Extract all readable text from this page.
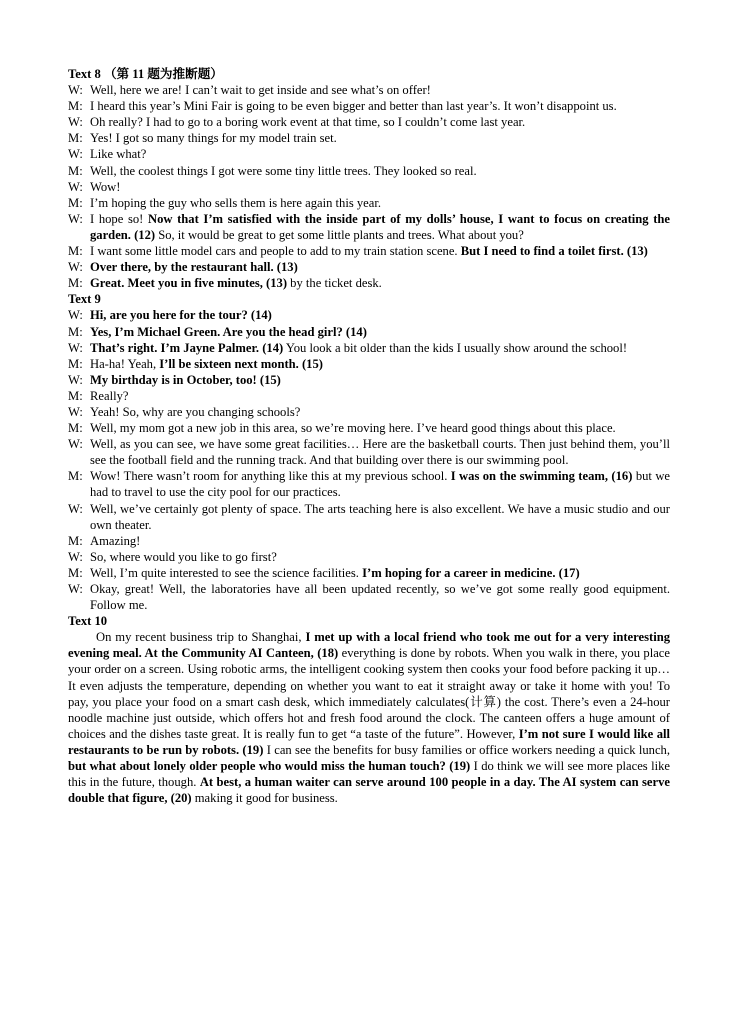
Text 8 （第 11 题为推断题）
W: Well, here we are! I can’t wait to get inside and see what’s on offer!
M: I heard this year’s Mini Fair is going to be even bigger and better than last year’s. It won’t disappoint us.
W: Oh really? I had to go to a boring work event at that time, so I couldn’t come last year.
M: Yes! I got so many things for my model train set.
W: Like what?
M: Well, the coolest things I got were some tiny little trees. They looked so real.
W: Wow!
M: I’m hoping the guy who sells them is here again this year.
W: I hope so! Now that I’m satisfied with the inside part of my dolls’ house, I want to focus on creating the garden. (12) So, it would be great to get some little plants and trees. What about you?
M: I want some little model cars and people to add to my train station scene. But I need to find a toilet first. (13)
W: Over there, by the restaurant hall. (13)
M: Great. Meet you in five minutes, (13) by the ticket desk.
Text 9
W: Hi, are you here for the tour? (14)
M: Yes, I’m Michael Green. Are you the head girl? (14)
W: That’s right. I’m Jayne Palmer. (14) You look a bit older than the kids I usually show around the school!
M: Ha-ha! Yeah, I’ll be sixteen next month. (15)
W: My birthday is in October, too! (15)
M: Really?
W: Yeah! So, why are you changing schools?
M: Well, my mom got a new job in this area, so we’re moving here. I’ve heard good things about this place.
W: Well, as you can see, we have some great facilities… Here are the basketball courts. Then just behind them, you’ll see the football field and the running track. And that building over there is our swimming pool.
M: Wow! There wasn’t room for anything like this at my previous school. I was on the swimming team, (16) but we had to travel to use the city pool for our practices.
W: Well, we’ve certainly got plenty of space. The arts teaching here is also excellent. We have a music studio and our own theater.
M: Amazing!
W: So, where would you like to go first?
M: Well, I’m quite interested to see the science facilities. I’m hoping for a career in medicine. (17)
W: Okay, great! Well, the laboratories have all been updated recently, so we’ve got some really good equipment. Follow me.
Text 10
On my recent business trip to Shanghai, I met up with a local friend who took me out for a very interesting evening meal. At the Community AI Canteen, (18) everything is done by robots. When you walk in there, you place your order on a screen. Using robotic arms, the intelligent cooking system then cooks your food before packing it up… It even adjusts the temperature, depending on whether you want to eat it straight away or take it home with you! To pay, you place your food on a smart cash desk, which immediately calculates(计算) the cost. There’s even a 24-hour noodle machine just outside, which offers hot and fresh food around the clock. The canteen offers a huge amount of choices and the dishes taste great. It is really fun to get “a taste of the future”. However, I’m not sure I would like all restaurants to be run by robots. (19) I can see the benefits for busy families or office workers needing a quick lunch, but what about lonely older people who would miss the human touch? (19) I do think we will see more places like this in the future, though. At best, a human waiter can serve around 100 people in a day. The AI system can serve double that figure, (20) making it good for business.
